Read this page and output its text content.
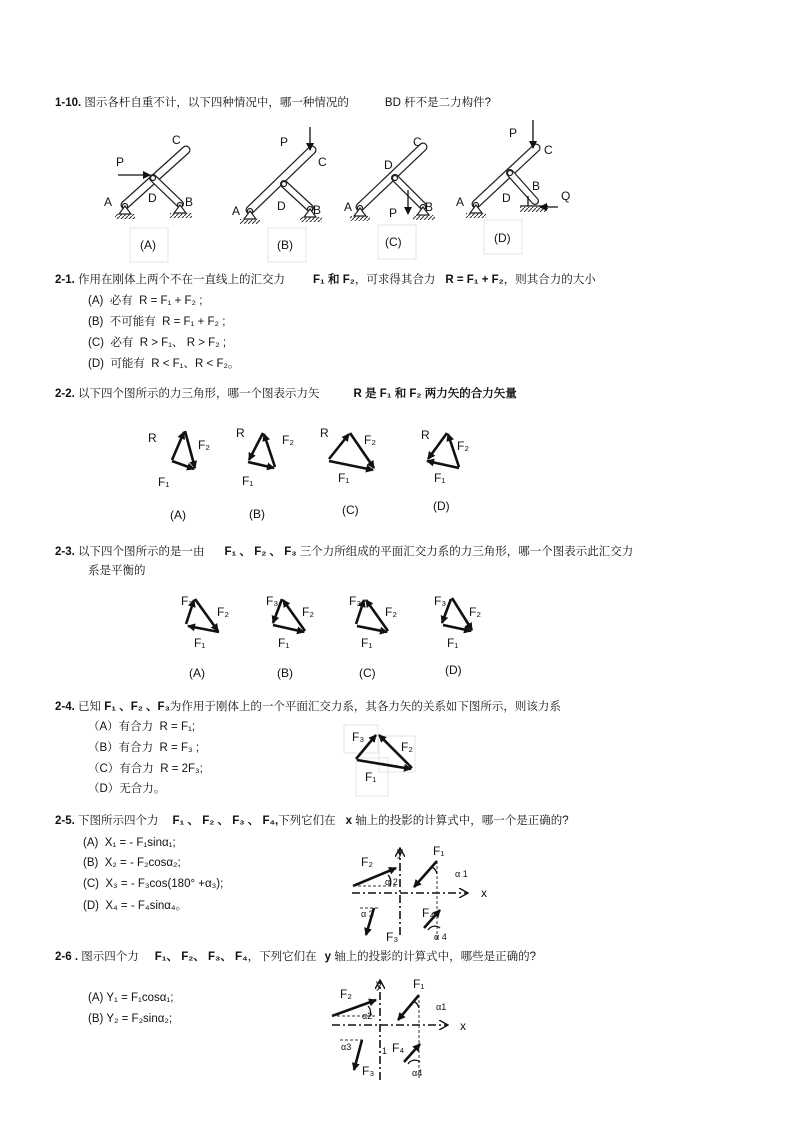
1-10. 图示各杆自重不计，以下四种情况中，哪一种情况的	BD 杆不是二力构件?
2-1. 作用在刚体上两个不在一直线上的汇交力 F₁ 和 F₂，可求得其合力 R = F₁ + F₂，则其合力的大小
(A)  必有  R = F₁ + F₂ ;
(B)  不可能有  R = F₁ + F₂ ;
(C)  必有  R > F₁、 R > F₂ ;
(D)  可能有  R < F₁、R < F₂。
2-2. 以下四个图所示的力三角形，哪一个图表示力矢	R 是 F₁ 和 F₂ 两力矢的合力矢量
2-3. 以下四个图所示的是一由 F₁ 、 F₂ 、 F₃ 三个力所组成的平面汇交力系的力三角形，哪一个图表示此汇交力
系是平衡的
2-4. 已知 F₁ 、F₂ 、F₃为作用于刚体上的一个平面汇交力系，其各力矢的关系如下图所示，则该力系
（A）有合力  R = F₁;
（B）有合力  R = F₃ ;
（C）有合力  R = 2F₃;
（D）无合力。
2-5. 下图所示四个力 F₁ 、 F₂ 、 F₃ 、 F₄,下列它们在 x 轴上的投影的计算式中，哪一个是正确的?
(A)  X₁ = - F₁sinα₁;
(B)  X₂ = - F₂cosα₂;
(C)  X₃ = - F₃cos(180° +α₃);
(D)  X₄ = - F₄sinα₄。
2-6 . 图示四个力 F₁、 F₂、 F₃、 F₄，下列它们在 y 轴上的投影的计算式中，哪些是正确的?
(A) Y₁ = F₁cosα₁;
(B) Y₂ = F₂sinα₂;
C
P
A	D B
(A)
P
C
A	D B
(B)
C
D
A	P B
(C)
P
C
B
Q
A	D
(D)
R	F₂
F₁
(A)
R	F₂
F₁
(B)
R	F₂
F₁
(C)
R
F₂
F₁
(D)
F₃
F₂
F₁
(A)
F₃
F₂
F₁
(B)
F₃
F₂
F₁
(C)
F₃
F₂
F₁
(D)
F₃
F₂
F₁
F₂
y	F₁
α 1
α 2
x
α 3	F₄
F₃	α 4
F₂
y	F₁
α1
α2
x
α3	1 F₄
F₃	α4
